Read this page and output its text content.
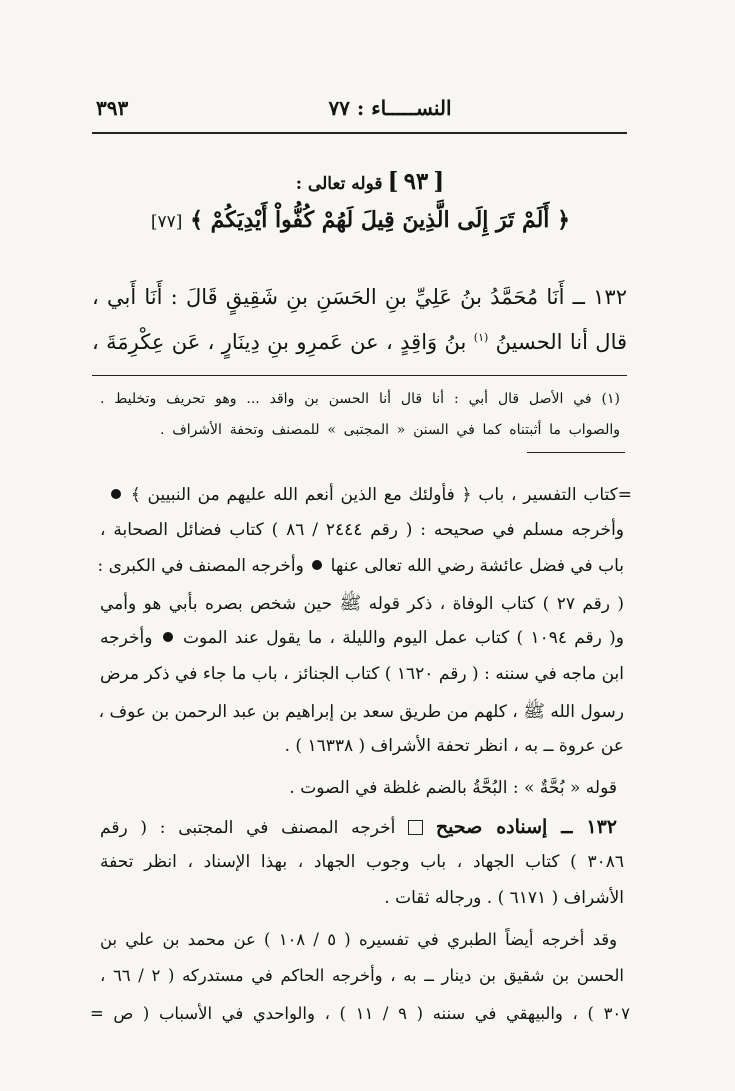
٣٩٣	النســـــاء : ٧٧
[ ٩٣ ] قوله تعالى :
﴿ أَلَمْ تَرَ إِلَى الَّذِينَ قِيلَ لَهُمْ كُفُّواْ أَيْدِيَكُمْ ﴾ [٧٧]
١٣٢ ــ أَنَا مُحَمَّدُ بنُ عَلِيِّ بنِ الحَسَنِ بنِ شَقِيقٍ قَالَ : أَنَا أَبي ،
قال أنا الحسينُ $^{(١)}$ بنُ وَاقِدٍ ، عن عَمرِو بنِ دِينَارٍ ، عَن عِكْرِمَةَ ،
(١) في الأصل قال أبي : أنا قال أنا الحسن بن واقد ... وهو تحريف وتخليط .
والصواب ما أثبتناه كما في السنن « المجتبى » للمصنف وتحفة الأشراف .
=كتاب التفسير ، باب ﴿ فأولئك مع الذين أنعم الله عليهم من النبيين ﴾
وأخرجه مسلم في صحيحه : ( رقم ٢٤٤٤ / ٨٦ ) كتاب فضائل الصحابة ،
باب في فضل عائشة رضي الله تعالى عنها  وأخرجه المصنف في الكبرى :
( رقم ٢٧ ) كتاب الوفاة ، ذكر قوله ﷺ حين شخص بصره بأبي هو وأمي
و( رقم ١٠٩٤ ) كتاب عمل اليوم والليلة ، ما يقول عند الموت  وأخرجه
ابن ماجه في سننه : ( رقم ١٦٢٠ ) كتاب الجنائز ، باب ما جاء في ذكر مرض
رسول الله ﷺ ، كلهم من طريق سعد بن إبراهيم بن عبد الرحمن بن عوف ،
عن عروة ــ به ، انظر تحفة الأشراف ( ١٦٣٣٨ ) .
قوله « بُحَّةٌ » : البُحَّةُ بالضم غلظة في الصوت .
١٣٢ ــ إسناده صحيح  أخرجه المصنف في المجتبى : ( رقم
٣٠٨٦ ) كتاب الجهاد ، باب وجوب الجهاد ، بهذا الإسناد ، انظر تحفة
الأشراف ( ٦١٧١ ) . ورجاله ثقات .
وقد أخرجه أيضاً الطبري في تفسيره ( ٥ / ١٠٨ ) عن محمد بن علي بن
الحسن بن شقيق بن دينار ــ به ، وأخرجه الحاكم في مستدركه ( ٢ / ٦٦ ،
٣٠٧ ) ، والبيهقي في سننه ( ٩ / ١١ ) ، والواحدي في الأسباب ( ص =
